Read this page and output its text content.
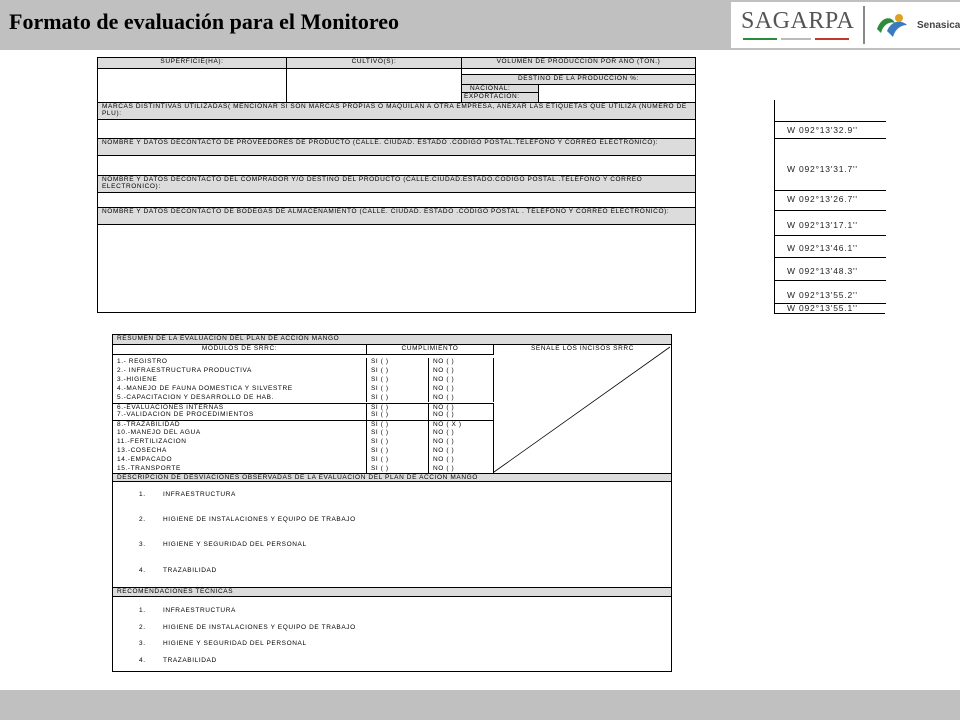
Formato de evaluación para el Monitoreo	SAGARPA	Senasica
SUPERFICIE(HA):	CULTIVO(S):	VOLUMEN DE PRODUCCION POR AÑO (TON.)
DESTINO DE LA PRODUCCIÓN %:
NACIONAL:
EXPORTACION:
MARCAS DISTINTIVAS UTILIZADAS( MENCIONAR SI SON MARCAS PROPIAS O MAQUILAN A OTRA EMPRESA, ANEXAR LAS ETIQUETAS QUE UTILIZA (NUMERO DE PLU):
NOMBRE Y DATOS DECONTACTO DE PROVEEDORES DE PRODUCTO (CALLE. CIUDAD. ESTADO .CODIGO POSTAL.TELÉFONO Y CORREO ELECTRÓNICO):
NOMBRE Y DATOS DECONTACTO DEL COMPRADOR Y/O DESTINO DEL PRODUCTO (CALLE.CIUDAD.ESTADO.CODIGO POSTAL .TELÉFONO Y CORREO ELECTRONICO):
NOMBRE Y DATOS DECONTACTO DE BODEGAS DE ALMACENAMIENTO (CALLE. CIUDAD. ESTADO .CODIGO POSTAL . TELÉFONO Y CORREO ELECTRÓNICO):
W 092°13'32.9''
W 092°13'31.7''
W 092°13'26.7''
W 092°13'17.1''
W 092°13'46.1''
W 092°13'48.3''
W 092°13'55.2''
W 092°13'55.1''
RESUMEN DE LA EVALUACIÓN DEL PLAN DE ACCIÓN MANGO
MODULOS DE SRRC:	CUMPLIMIENTO	SEÑALE LOS INCISOS SRRC
1.- REGISTRO	SI ( )	NO ( )
2.- INFRAESTRUCTURA PRODUCTIVA	SI ( )	NO ( )
3.-HIGIENE	SI ( )	NO ( )
4.-MANEJO DE FAUNA DOMESTICA Y SILVESTRE	SI ( )	NO ( )
5.-CAPACITACIÓN Y DESARROLLO DE HAB.	SI ( )	NO ( )
6.-EVALUACIONES INTERNAS	SI ( )	NO ( )
7.-VALIDACIÓN DE PROCEDIMIENTOS	SI ( )	NO ( )
8.-TRAZABILIDAD	SI ( )	NO ( X )
10.-MANEJO DEL AGUA	SI ( )	NO ( )
11.-FERTILIZACIÓN	SI ( )	NO ( )
13.-COSECHA	SI ( )	NO ( )
14.-EMPACADO	SI ( )	NO ( )
15.-TRANSPORTE	SI ( )	NO ( )
DESCRIPCIÓN DE DESVIACIONES OBSERVADAS DE LA EVALUACIÓN DEL PLAN DE ACCIÓN MANGO
1.	INFRAESTRUCTURA
2.	HIGIENE DE INSTALACIONES Y EQUIPO DE TRABAJO
3.	HIGIENE Y SEGURIDAD DEL PERSONAL
4.	TRAZABILIDAD
RECOMENDACIONES TECNICAS
1.	INFRAESTRUCTURA
2.	HIGIENE DE INSTALACIONES Y EQUIPO DE TRABAJO
3.	HIGIENE Y SEGURIDAD DEL PERSONAL
4.	TRAZABILIDAD
